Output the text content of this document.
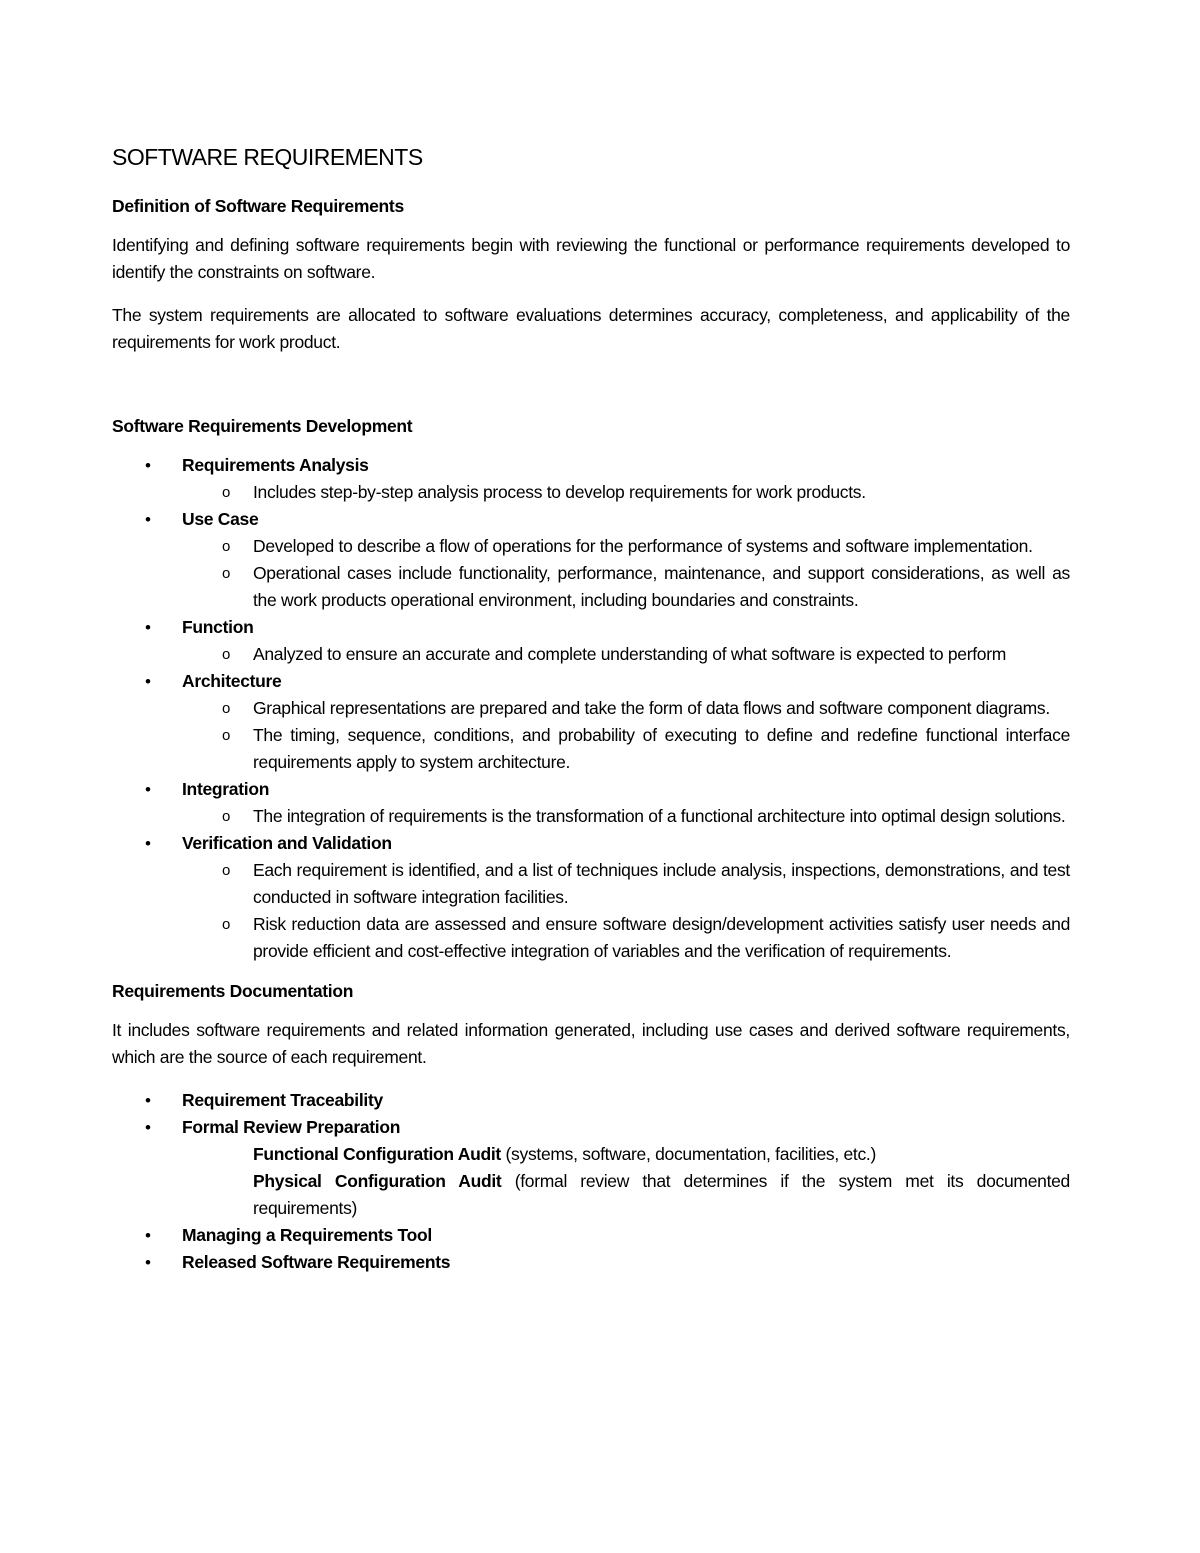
SOFTWARE REQUIREMENTS
Definition of Software Requirements

Identifying and defining software requirements begin with reviewing the functional or performance requirements developed to identify the constraints on software.

The system requirements are allocated to software evaluations determines accuracy, completeness, and applicability of the requirements for work product.

Software Requirements Development
• Requirements Analysis
o Includes step-by-step analysis process to develop requirements for work products.
• Use Case
o Developed to describe a flow of operations for the performance of systems and software implementation.
o Operational cases include functionality, performance, maintenance, and support considerations, as well as the work products operational environment, including boundaries and constraints.
• Function
o Analyzed to ensure an accurate and complete understanding of what software is expected to perform
• Architecture
o Graphical representations are prepared and take the form of data flows and software component diagrams.
o The timing, sequence, conditions, and probability of executing to define and redefine functional interface requirements apply to system architecture.
• Integration
o The integration of requirements is the transformation of a functional architecture into optimal design solutions.
• Verification and Validation
o Each requirement is identified, and a list of techniques include analysis, inspections, demonstrations, and test conducted in software integration facilities.
o Risk reduction data are assessed and ensure software design/development activities satisfy user needs and provide efficient and cost-effective integration of variables and the verification of requirements.
Requirements Documentation

It includes software requirements and related information generated, including use cases and derived software requirements, which are the source of each requirement.

• Requirement Traceability
• Formal Review Preparation
Functional Configuration Audit (systems, software, documentation, facilities, etc.)
Physical Configuration Audit (formal review that determines if the system met its documented requirements)
• Managing a Requirements Tool
• Released Software Requirements
